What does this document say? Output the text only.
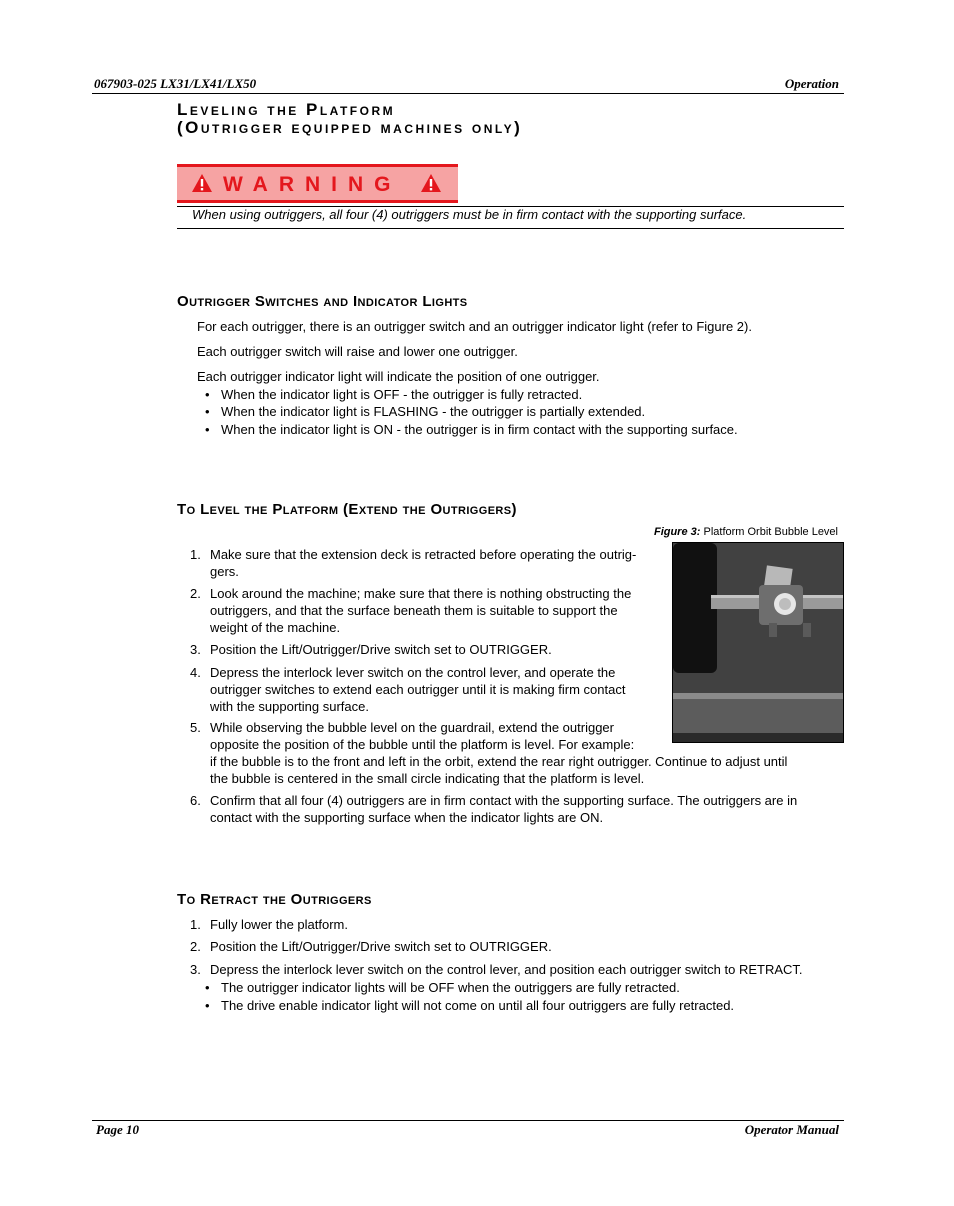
067903-025 LX31/LX41/LX50	Operation
Leveling the Platform
(Outrigger equipped machines only)
WARNING
When using outriggers, all four (4) outriggers must be in firm contact with the supporting surface.
Outrigger Switches and Indicator Lights
For each outrigger, there is an outrigger switch and an outrigger indicator light (refer to Figure 2).
Each outrigger switch will raise and lower one outrigger.
Each outrigger indicator light will indicate the position of one outrigger.
• When the indicator light is OFF - the outrigger is fully retracted.
• When the indicator light is FLASHING - the outrigger is partially extended.
• When the indicator light is ON - the outrigger is in firm contact with the supporting surface.
To Level the Platform (Extend the Outriggers)
Figure 3: Platform Orbit Bubble Level
1. Make sure that the extension deck is retracted before operating the outrig-
gers.
2. Look around the machine; make sure that there is nothing obstructing the
outriggers, and that the surface beneath them is suitable to support the
weight of the machine.
3. Position the Lift/Outrigger/Drive switch set to OUTRIGGER.
4. Depress the interlock lever switch on the control lever, and operate the
outrigger switches to extend each outrigger until it is making firm contact
with the supporting surface.
5. While observing the bubble level on the guardrail, extend the outrigger
opposite the position of the bubble until the platform is level. For example:
if the bubble is to the front and left in the orbit, extend the rear right outrigger. Continue to adjust until
the bubble is centered in the small circle indicating that the platform is level.
6. Confirm that all four (4) outriggers are in firm contact with the supporting surface. The outriggers are in
contact with the supporting surface when the indicator lights are ON.
To Retract the Outriggers
1. Fully lower the platform.
2. Position the Lift/Outrigger/Drive switch set to OUTRIGGER.
3. Depress the interlock lever switch on the control lever, and position each outrigger switch to RETRACT.
• The outrigger indicator lights will be OFF when the outriggers are fully retracted.
• The drive enable indicator light will not come on until all four outriggers are fully retracted.
Page 10	Operator Manual
